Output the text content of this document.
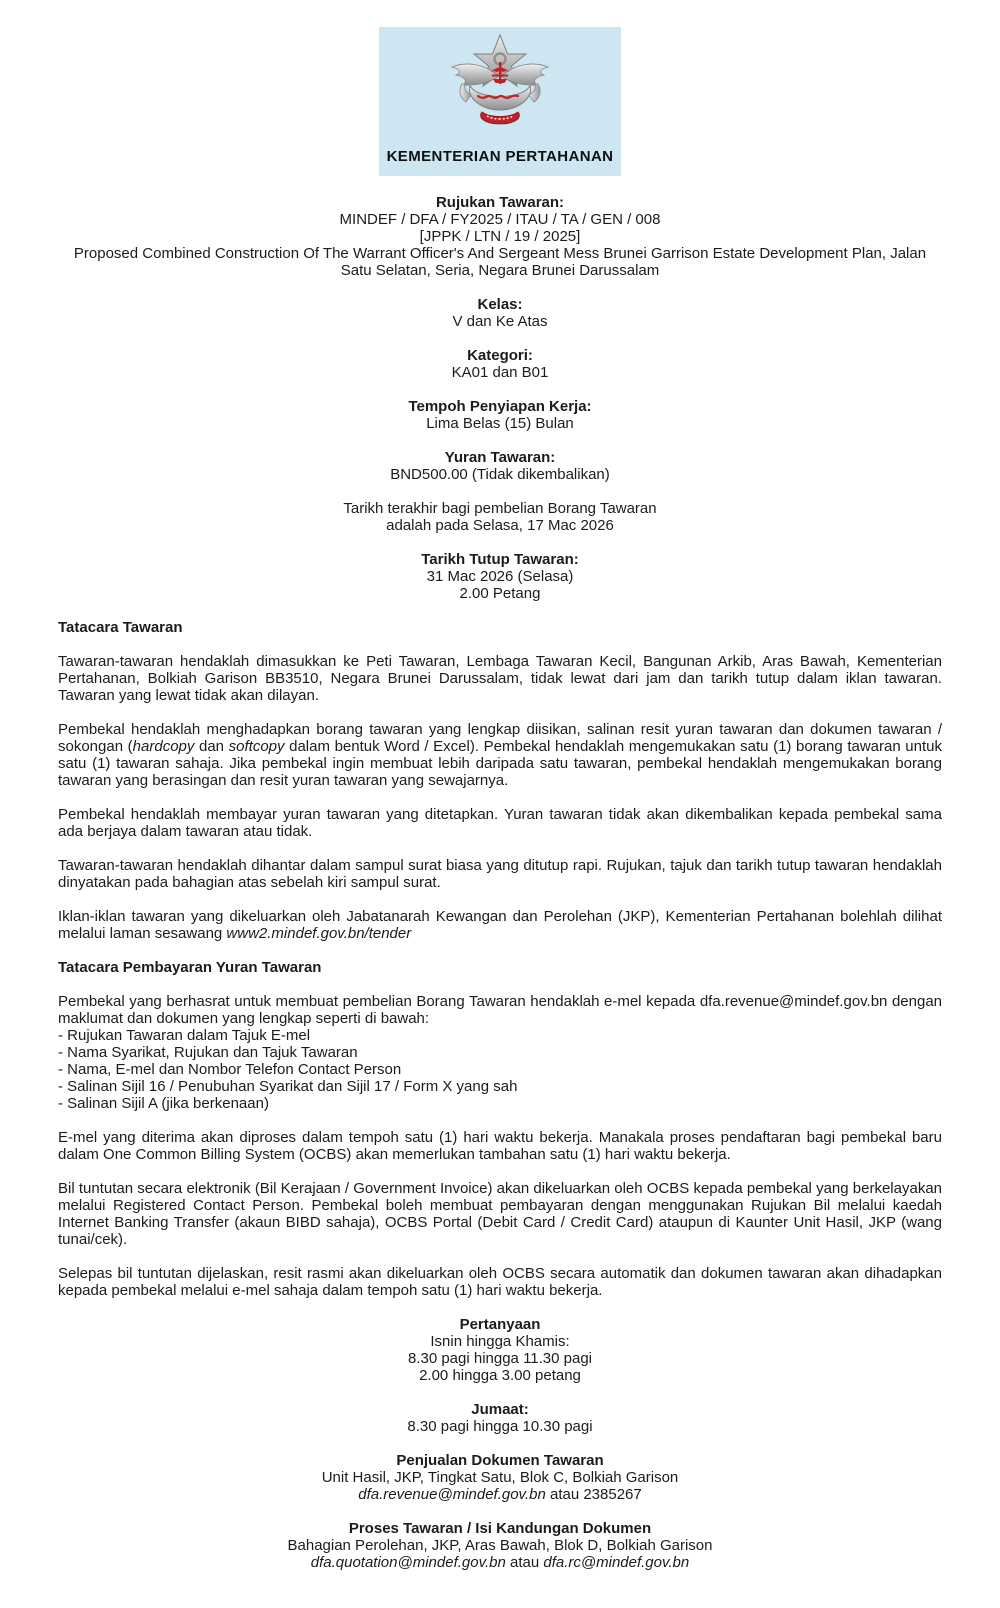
KEMENTERIAN PERTAHANAN
Rujukan Tawaran:
MINDEF / DFA / FY2025 / ITAU / TA / GEN / 008
[JPPK / LTN / 19 / 2025]
Proposed Combined Construction Of The Warrant Officer's And Sergeant Mess Brunei Garrison Estate Development Plan, Jalan Satu Selatan, Seria, Negara Brunei Darussalam
Kelas:
V dan Ke Atas
Kategori:
KA01 dan B01
Tempoh Penyiapan Kerja:
Lima Belas (15) Bulan
Yuran Tawaran:
BND500.00 (Tidak dikembalikan)
Tarikh terakhir bagi pembelian Borang Tawaran
adalah pada Selasa, 17 Mac 2026
Tarikh Tutup Tawaran:
31 Mac 2026 (Selasa)
2.00 Petang
Tatacara Tawaran

Tawaran-tawaran hendaklah dimasukkan ke Peti Tawaran, Lembaga Tawaran Kecil, Bangunan Arkib, Aras Bawah, Kementerian Pertahanan, Bolkiah Garison BB3510, Negara Brunei Darussalam, tidak lewat dari jam dan tarikh tutup dalam iklan tawaran. Tawaran yang lewat tidak akan dilayan.

Pembekal hendaklah menghadapkan borang tawaran yang lengkap diisikan, salinan resit yuran tawaran dan dokumen tawaran / sokongan (hardcopy dan softcopy dalam bentuk Word / Excel). Pembekal hendaklah mengemukakan satu (1) borang tawaran untuk satu (1) tawaran sahaja. Jika pembekal ingin membuat lebih daripada satu tawaran, pembekal hendaklah mengemukakan borang tawaran yang berasingan dan resit yuran tawaran yang sewajarnya.

Pembekal hendaklah membayar yuran tawaran yang ditetapkan. Yuran tawaran tidak akan dikembalikan kepada pembekal sama ada berjaya dalam tawaran atau tidak.

Tawaran-tawaran hendaklah dihantar dalam sampul surat biasa yang ditutup rapi. Rujukan, tajuk dan tarikh tutup tawaran hendaklah dinyatakan pada bahagian atas sebelah kiri sampul surat.

Iklan-iklan tawaran yang dikeluarkan oleh Jabatanarah Kewangan dan Perolehan (JKP), Kementerian Pertahanan bolehlah dilihat melalui laman sesawang www2.mindef.gov.bn/tender

Tatacara Pembayaran Yuran Tawaran
Pembekal yang berhasrat untuk membuat pembelian Borang Tawaran hendaklah e-mel kepada dfa.revenue@mindef.gov.bn dengan maklumat dan dokumen yang lengkap seperti di bawah:
- Rujukan Tawaran dalam Tajuk E-mel
- Nama Syarikat, Rujukan dan Tajuk Tawaran
- Nama, E-mel dan Nombor Telefon Contact Person
- Salinan Sijil 16 / Penubuhan Syarikat dan Sijil 17 / Form X yang sah
- Salinan Sijil A (jika berkenaan)

E-mel yang diterima akan diproses dalam tempoh satu (1) hari waktu bekerja. Manakala proses pendaftaran bagi pembekal baru dalam One Common Billing System (OCBS) akan memerlukan tambahan satu (1) hari waktu bekerja.

Bil tuntutan secara elektronik (Bil Kerajaan / Government Invoice) akan dikeluarkan oleh OCBS kepada pembekal yang berkelayakan melalui Registered Contact Person. Pembekal boleh membuat pembayaran dengan menggunakan Rujukan Bil melalui kaedah Internet Banking Transfer (akaun BIBD sahaja), OCBS Portal (Debit Card / Credit Card) ataupun di Kaunter Unit Hasil, JKP (wang tunai/cek).

Selepas bil tuntutan dijelaskan, resit rasmi akan dikeluarkan oleh OCBS secara automatik dan dokumen tawaran akan dihadapkan kepada pembekal melalui e-mel sahaja dalam tempoh satu (1) hari waktu bekerja.

Pertanyaan
Isnin hingga Khamis:
8.30 pagi hingga 11.30 pagi
2.00 hingga 3.00 petang
Jumaat:
8.30 pagi hingga 10.30 pagi
Penjualan Dokumen Tawaran
Unit Hasil, JKP, Tingkat Satu, Blok C, Bolkiah Garison
dfa.revenue@mindef.gov.bn atau 2385267
Proses Tawaran / Isi Kandungan Dokumen
Bahagian Perolehan, JKP, Aras Bawah, Blok D, Bolkiah Garison
dfa.quotation@mindef.gov.bn atau dfa.rc@mindef.gov.bn
